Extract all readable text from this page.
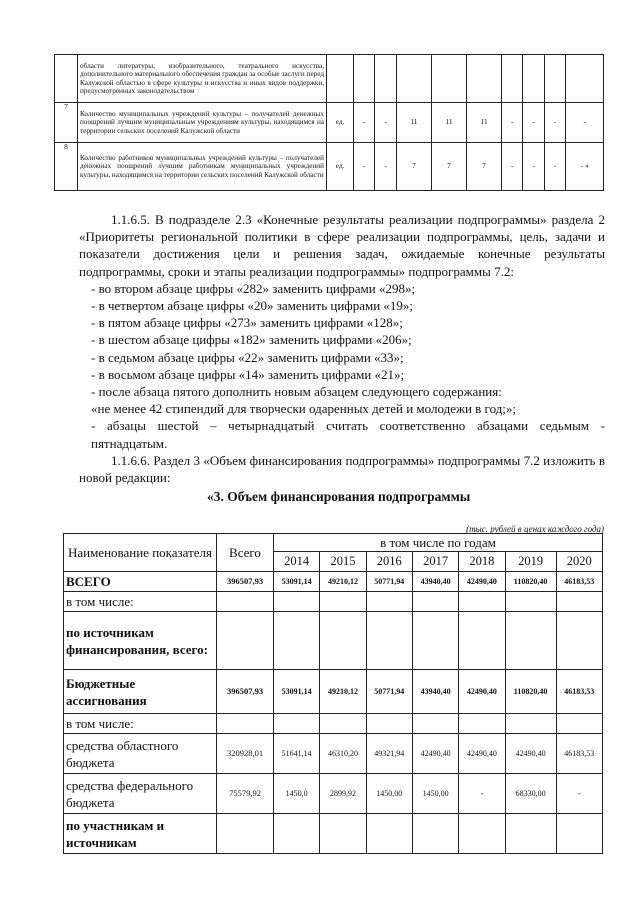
	области литературы, изобразительного, театрального искусства, дополнительного материального обеспечения граждан за особые заслуги перед Калужской областью в сфере культуры и искусства и иных видов поддержки, предусмотренных законодательством										
7	Количество муниципальных учреждений культуры – получателей денежных поощрений лучшим муниципальным учреждениям культуры, находящимся на территории сельских поселений Калужской области	ед.	-	-	11	11	11	-	-	-	-
8	Количество работников муниципальных учреждений культуры – получателей денежных поощрений лучшим работникам муниципальных учреждений культуры, находящимся на территории сельских поселений Калужской области	ед.	-	-	7	7	7	-	-	-	- »
1.1.6.5. В подразделе 2.3 «Конечные результаты реализации подпрограммы» раздела 2 «Приоритеты региональной политики в сфере реализации подпрограммы, цель, задачи и показатели достижения цели и решения задач, ожидаемые конечные результаты подпрограммы, сроки и этапы реализации подпрограммы» подпрограммы 7.2:
- во втором абзаце цифры «282» заменить цифрами «298»;
- в четвертом абзаце цифры «20» заменить цифрами «19»;
- в пятом абзаце цифры «273» заменить цифрами «128»;
- в шестом абзаце цифры «182» заменить цифрами «206»;
- в седьмом абзаце цифры «22» заменить цифрами «33»;
- в восьмом абзаце цифры «14» заменить цифрами «21»;
- после абзаца пятого дополнить новым абзацем следующего содержания:
«не менее 42 стипендий для творчески одаренных детей и молодежи в год;»;
- абзацы шестой – четырнадцатый считать соответственно абзацами седьмым - пятнадцатым.
1.1.6.6. Раздел 3 «Объем финансирования подпрограммы» подпрограммы 7.2 изложить в новой редакции:
«3. Объем финансирования подпрограммы
(тыс. рублей в ценах каждого года)
Наименование показателя	Всего	в том числе по годам						
		2014	2015	2016	2017	2018	2019	2020
ВСЕГО	396507,93	53091,14	49210,12	50771,94	43940,40	42490,40	110820,40	46183,53
в том числе:								
по источникам финансирования, всего:								
Бюджетные ассигнования	396507,93	53091,14	49210,12	50771,94	43940,40	42490,40	110820,40	46183,53
в том числе:								
средства областного бюджета	320928,01	51641,14	46310,20	49321,94	42490,40	42490,40	42490,40	46183,53
средства федерального бюджета	75579,92	1450,0	2899,92	1450,00	1450,00	-	68330,00	-
по участникам и источникам								
